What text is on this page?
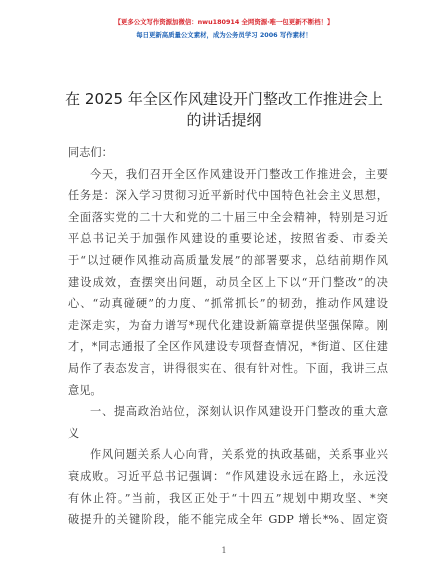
【更多公文写作资源加微信：nwu180914 全网资源·唯一包更新不断档！】
每日更新高质量公文素材，成为公务员学习 2006 写作素材！
在 2025 年全区作风建设开门整改工作推进会上
的讲话提纲
同志们：
今天，我们召开全区作风建设开门整改工作推进会，主要
任务是：深入学习贯彻习近平新时代中国特色社会主义思想，
全面落实党的二十大和党的二十届三中全会精神，特别是习近
平总书记关于加强作风建设的重要论述，按照省委、市委关
于“以过硬作风推动高质量发展”的部署要求，总结前期作风
建设成效，查摆突出问题，动员全区上下以“开门整改”的决
心、“动真碰硬”的力度、“抓常抓长”的韧劲，推动作风建设
走深走实，为奋力谱写*现代化建设新篇章提供坚强保障。刚
才，*同志通报了全区作风建设专项督查情况，*街道、区住建
局作了表态发言，讲得很实在、很有针对性。下面，我讲三点
意见。
一、提高政治站位，深刻认识作风建设开门整改的重大意
义
作风问题关系人心向背，关系党的执政基础，关系事业兴
衰成败。习近平总书记强调：“作风建设永远在路上，永远没
有休止符。”当前，我区正处于“十四五”规划中期攻坚、*突
破提升的关键阶段，能不能完成全年 GDP 增长*%、固定资
1
